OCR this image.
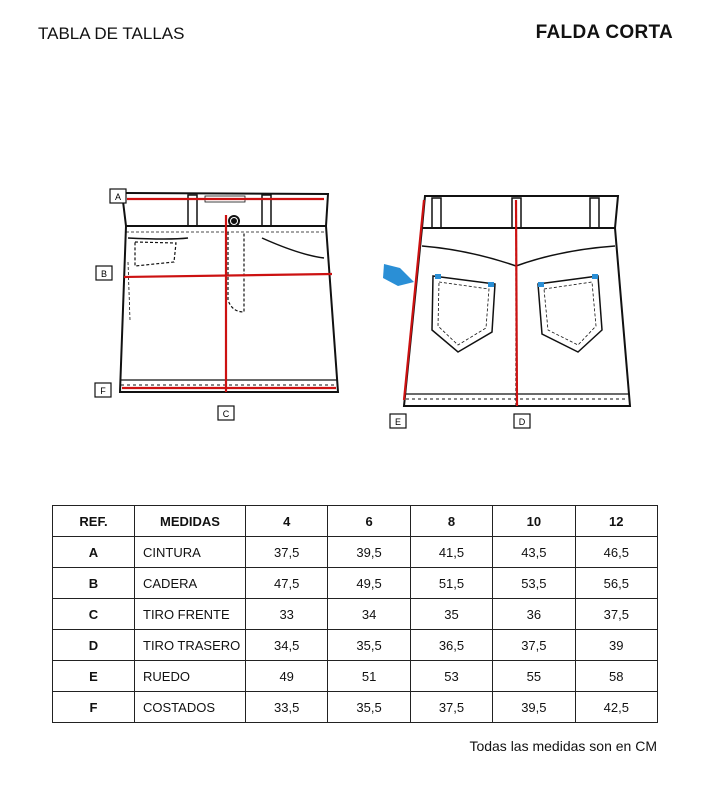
TABLA DE TALLAS	FALDA CORTA
A
B
C
F
D
E
REF.	MEDIDAS	4	6	8	10	12
A	CINTURA	37,5	39,5	41,5	43,5	46,5
B	CADERA	47,5	49,5	51,5	53,5	56,5
C	TIRO FRENTE	33	34	35	36	37,5
D	TIRO TRASERO	34,5	35,5	36,5	37,5	39
E	RUEDO	49	51	53	55	58
F	COSTADOS	33,5	35,5	37,5	39,5	42,5
Todas las medidas son en CM
